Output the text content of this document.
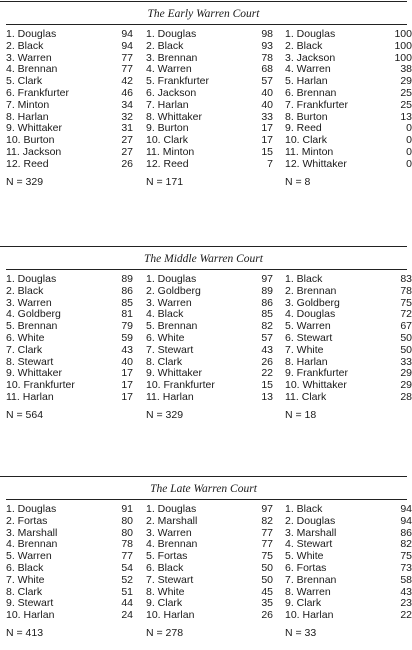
The Early Warren Court
1. Douglas	94
2. Black	94
3. Warren	77
4. Brennan	77
5. Clark	42
6. Frankfurter	46
7. Minton	34
8. Harlan	32
9. Whittaker	31
10. Burton	27
11. Jackson	27
12. Reed	26
N = 329
1. Douglas	98
2. Black	93
3. Brennan	78
4. Warren	68
5. Frankfurter	57
6. Jackson	40
7. Harlan	40
8. Whittaker	33
9. Burton	17
10. Clark	17
11. Minton	15
12. Reed	7
N = 171
1. Douglas	100
2. Black	100
3. Jackson	100
4. Warren	38
5. Harlan	29
6. Brennan	25
7. Frankfurter	25
8. Burton	13
9. Reed	0
10. Clark	0
11. Minton	0
12. Whittaker	0
N = 8
The Middle Warren Court
1. Douglas	89
2. Black	86
3. Warren	85
4. Goldberg	81
5. Brennan	79
6. White	59
7. Clark	43
8. Stewart	40
9. Whittaker	17
10. Frankfurter	17
11. Harlan	17
N = 564
1. Douglas	97
2. Goldberg	89
3. Warren	86
4. Black	85
5. Brennan	82
6. White	57
7. Stewart	43
8. Clark	26
9. Whittaker	22
10. Frankfurter	15
11. Harlan	13
N = 329
1. Black	83
2. Brennan	78
3. Goldberg	75
4. Douglas	72
5. Warren	67
6. Stewart	50
7. White	50
8. Harlan	33
9. Frankfurter	29
10. Whittaker	29
11. Clark	28
N = 18
The Late Warren Court
1. Douglas	91
2. Fortas	80
3. Marshall	80
4. Brennan	78
5. Warren	77
6. Black	54
7. White	52
8. Clark	51
9. Stewart	44
10. Harlan	24
N = 413
1. Douglas	97
2. Marshall	82
3. Warren	77
4. Brennan	77
5. Fortas	75
6. Black	50
7. Stewart	50
8. White	45
9. Clark	35
10. Harlan	26
N = 278
1. Black	94
2. Douglas	94
3. Marshall	86
4. Stewart	82
5. White	75
6. Fortas	73
7. Brennan	58
8. Warren	43
9. Clark	23
10. Harlan	22
N = 33
